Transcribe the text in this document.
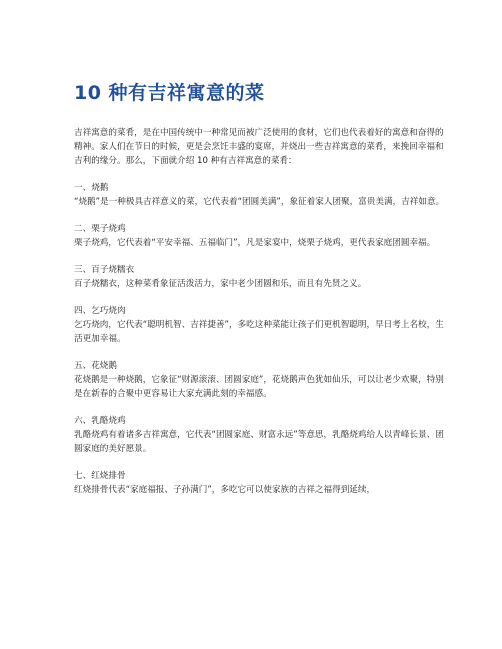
10 种有吉祥寓意的菜

吉祥寓意的菜肴，是在中国传统中一种常见而被广泛使用的食材，它们也代表着好的寓意和奋得的精神。家人们在节日的时候，更是会烹饪丰盛的宴席，并烧出一些吉祥寓意的菜肴，来挽回幸福和吉利的缘分。那么，下面就介绍 10 种有吉祥寓意的菜肴：

一、烧鹅

“烧鹅”是一种极具吉祥意义的菜，它代表着“团圆美满”，象征着家人团聚，富贵美满，吉祥如意。

二、栗子烧鸡

栗子烧鸡，它代表着“平安幸福、五福临门”，凡是家宴中，烧栗子烧鸡，更代表家庭团圆幸福。

三、百子烧糯衣

百子烧糯衣，这种菜肴象征活泼活力，家中老少团圆和乐，而且有先贤之义。

四、乞巧烧肉

乞巧烧肉，它代表“聪明机智、吉祥捷善”，多吃这种菜能让孩子们更机智聪明，早日考上名校，生活更加幸福。

五、花烧鹅

花烧鹅是一种烧鹅，它象征“财源滚滚、团圆家庭”，花烧鹅声色犹如仙乐，可以让老少欢聚，特别是在新春的合聚中更容易让大家充满此刻的幸福感。

六、乳酪烧鸡

乳酪烧鸡有着诸多吉祥寓意，它代表“团圆家庭、财富永远”等意思，乳酪烧鸡给人以青峰长景、团圆家庭的美好愿景。

七、红烧排骨

红烧排骨代表“家庭福报、子孙满门”，多吃它可以使家族的吉祥之福得到延续，
